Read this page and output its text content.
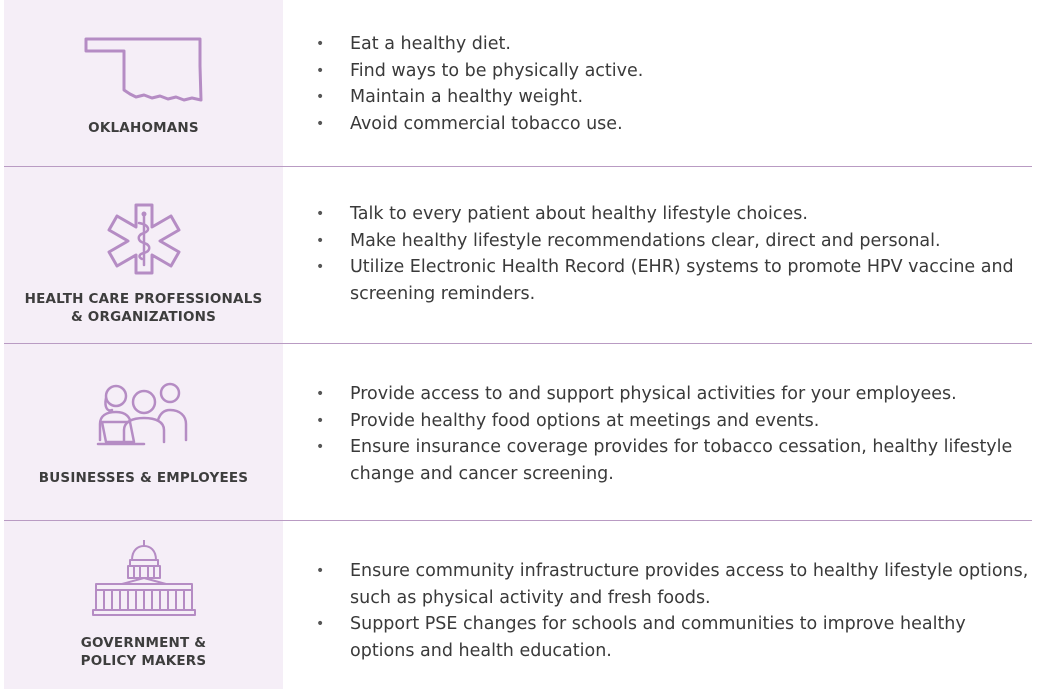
OKLAHOMANS
• Eat a healthy diet.
• Find ways to be physically active.
• Maintain a healthy weight.
• Avoid commercial tobacco use.
HEALTH CARE PROFESSIONALS
& ORGANIZATIONS
• Talk to every patient about healthy lifestyle choices.
• Make healthy lifestyle recommendations clear, direct and personal.
• Utilize Electronic Health Record (EHR) systems to promote HPV vaccine and screening reminders.
BUSINESSES & EMPLOYEES
• Provide access to and support physical activities for your employees.
• Provide healthy food options at meetings and events.
• Ensure insurance coverage provides for tobacco cessation, healthy lifestyle change and cancer screening.
GOVERNMENT &
POLICY MAKERS
• Ensure community infrastructure provides access to healthy lifestyle options, such as physical activity and fresh foods.
• Support PSE changes for schools and communities to improve healthy options and health education.
